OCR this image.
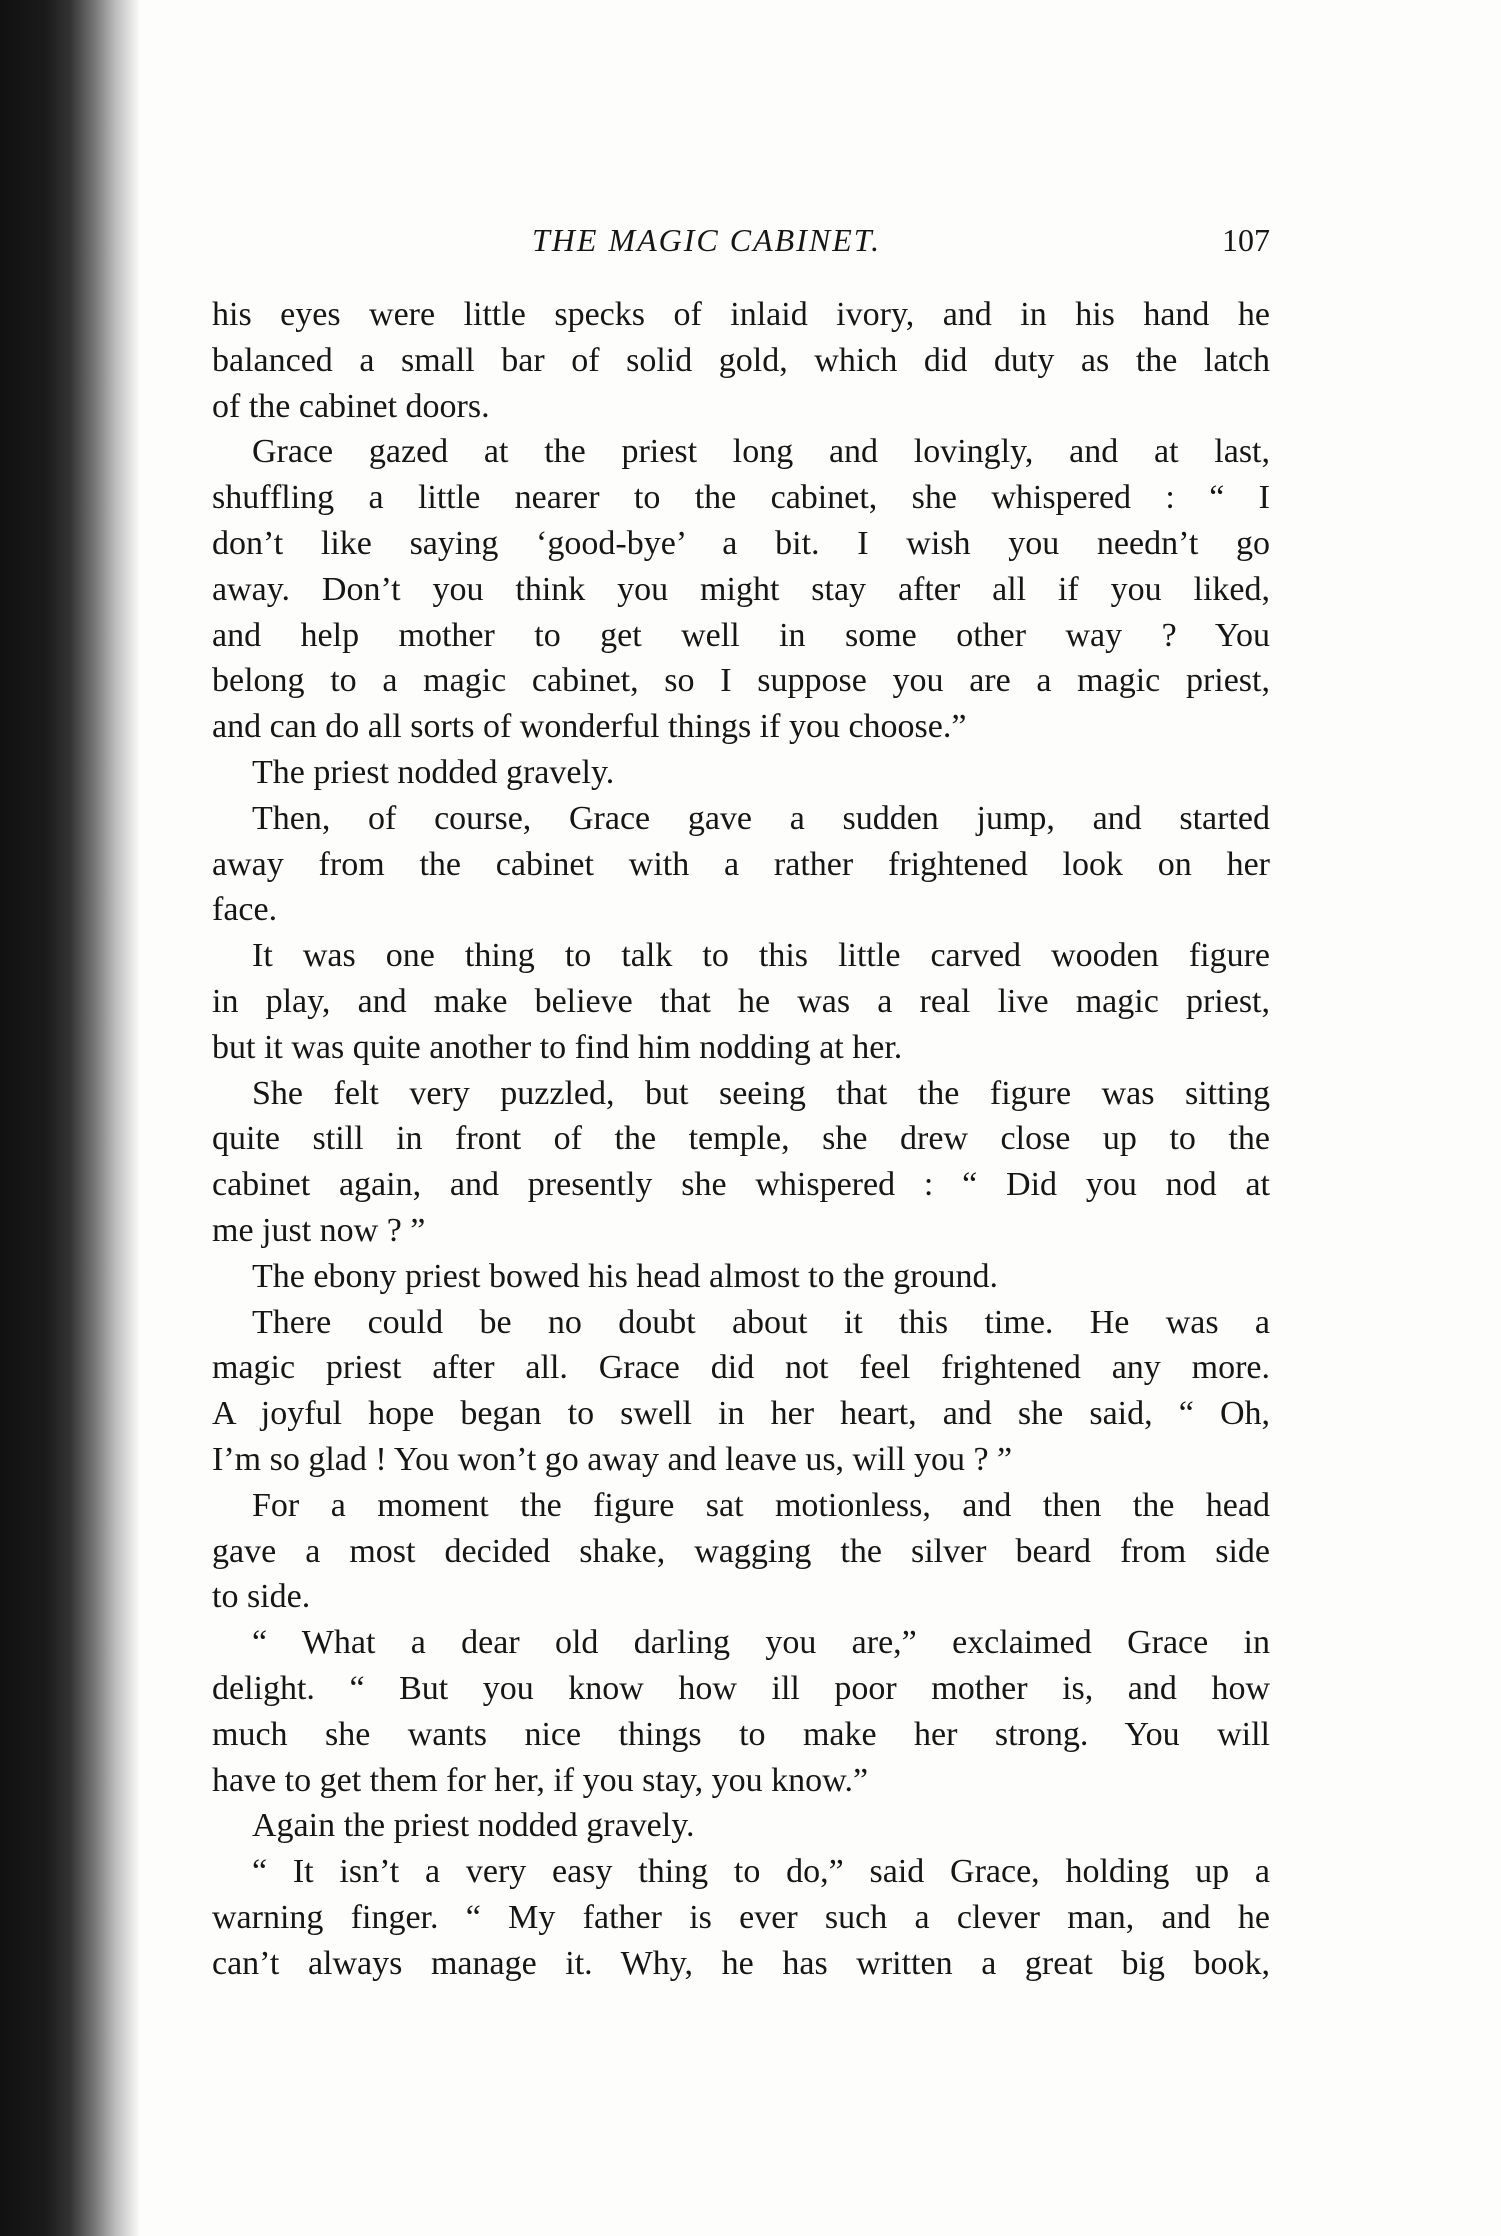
THE MAGIC CABINET.	107
his eyes were little specks of inlaid ivory, and in his hand he
balanced a small bar of solid gold, which did duty as the latch
of the cabinet doors.
Grace gazed at the priest long and lovingly, and at last,
shuffling a little nearer to the cabinet, she whispered : “ I
don’t like saying ‘good-bye’ a bit. I wish you needn’t go
away. Don’t you think you might stay after all if you liked,
and help mother to get well in some other way ? You
belong to a magic cabinet, so I suppose you are a magic priest,
and can do all sorts of wonderful things if you choose.”
The priest nodded gravely.
Then, of course, Grace gave a sudden jump, and started
away from the cabinet with a rather frightened look on her
face.
It was one thing to talk to this little carved wooden figure
in play, and make believe that he was a real live magic priest,
but it was quite another to find him nodding at her.
She felt very puzzled, but seeing that the figure was sitting
quite still in front of the temple, she drew close up to the
cabinet again, and presently she whispered : “ Did you nod at
me just now ? ”
The ebony priest bowed his head almost to the ground.
There could be no doubt about it this time. He was a
magic priest after all. Grace did not feel frightened any more.
A joyful hope began to swell in her heart, and she said, “ Oh,
I’m so glad ! You won’t go away and leave us, will you ? ”
For a moment the figure sat motionless, and then the head
gave a most decided shake, wagging the silver beard from side
to side.
“ What a dear old darling you are,” exclaimed Grace in
delight. “ But you know how ill poor mother is, and how
much she wants nice things to make her strong. You will
have to get them for her, if you stay, you know.”
Again the priest nodded gravely.
“ It isn’t a very easy thing to do,” said Grace, holding up a
warning finger. “ My father is ever such a clever man, and he
can’t always manage it. Why, he has written a great big book,
